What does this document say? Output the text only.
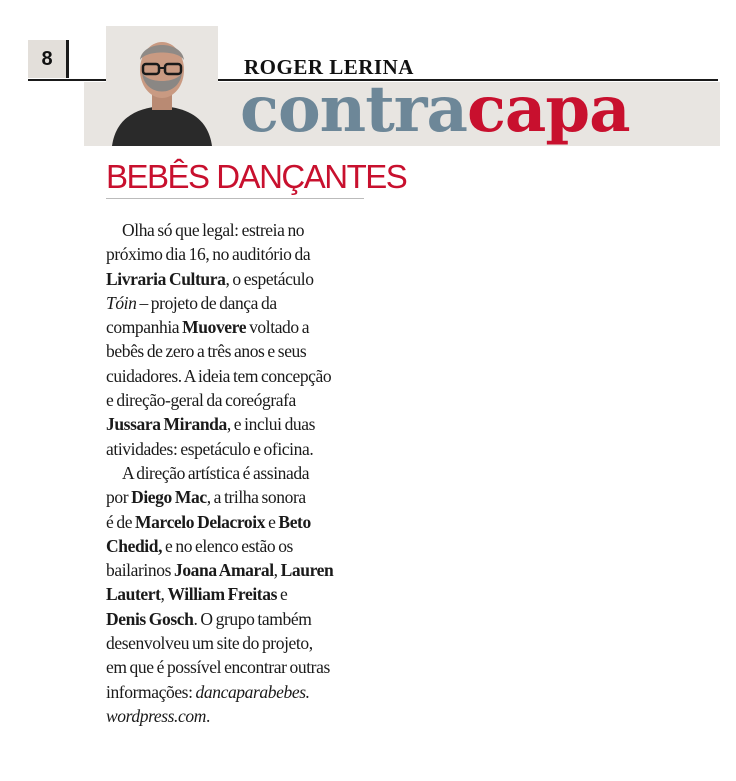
8	ROGER LERINA
contracapa
BEBÊS DANÇANTES
Olha só que legal: estreia no
próximo dia 16, no auditório da
Livraria Cultura, o espetáculo
Tóin – projeto de dança da
companhia Muovere voltado a
bebês de zero a três anos e seus
cuidadores. A ideia tem concepção
e direção-geral da coreógrafa
Jussara Miranda, e inclui duas
atividades: espetáculo e oficina.
A direção artística é assinada
por Diego Mac, a trilha sonora
é de Marcelo Delacroix e Beto
Chedid, e no elenco estão os
bailarinos Joana Amaral, Lauren
Lautert, William Freitas e
Denis Gosch. O grupo também
desenvolveu um site do projeto,
em que é possível encontrar outras
informações: dancaparabebes.
wordpress.com.
